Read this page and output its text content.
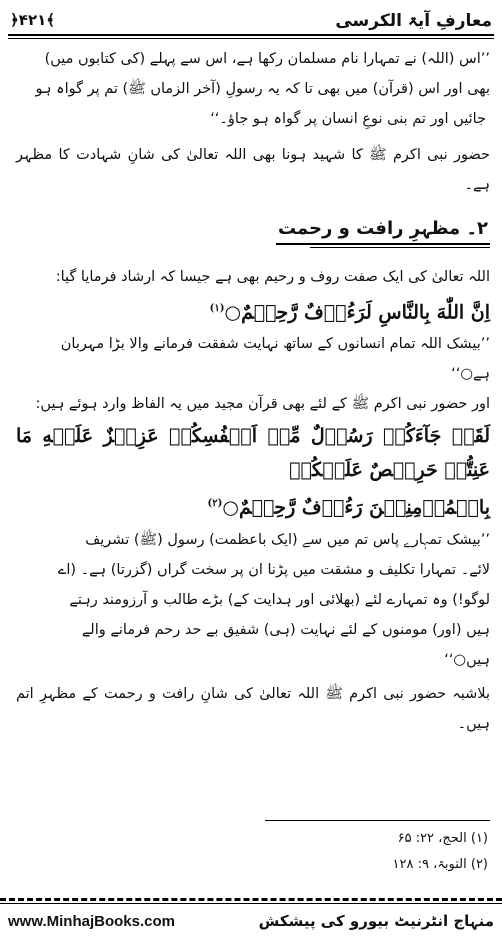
﴾۴۲۱﴿	معارفِ آیۃ الکرسی

’’اس (اللہ) نے تمہارا نام مسلمان رکھا ہے، اس سے پہلے (کی کتابوں میں)

بھی اور اس (قرآن) میں بھی تا کہ یہ رسولِ (آخر الزماں ﷺ) تم پر گواہ ہو

جائیں اور تم بنی نوعِ انسان پر گواہ ہو جاؤ۔‘‘

حضور نبی اکرم ﷺ کا شہید ہونا بھی اللہ تعالیٰ کی شانِ شہادت کا مظہر ہے۔

۲۔ مظہرِ رافت و رحمت

اللہ تعالیٰ کی ایک صفت روف و رحیم بھی ہے جیسا کہ ارشاد فرمایا گیا:

اِنَّ اللّٰهَ بِالنَّاسِ لَرَءُوۡفٌ رَّحِیۡمٌ○$^{(۱)}$

’’بیشک اللہ تمام انسانوں کے ساتھ نہایت شفقت فرمانے والا بڑا مہربان

ہے○‘‘

اور حضور نبی اکرم ﷺ کے لئے بھی قرآن مجید میں یہ الفاظ وارد ہوئے ہیں:

لَقَدۡ جَآءَکُمۡ رَسُوۡلٌ مِّنۡ اَنۡفُسِکُمۡ عَزِیۡزٌ عَلَیۡهِ مَا عَنِتُّمۡ حَرِیۡصٌ عَلَیۡکُمۡ

بِالۡمُؤۡمِنِیۡنَ رَءُوۡفٌ رَّحِیۡمٌ○$^{(۲)}$

’’بیشک تمہارے پاس تم میں سے (ایک باعظمت) رسول (ﷺ) تشریف

لائے۔ تمہارا تکلیف و مشقت میں پڑنا ان پر سخت گراں (گزرتا) ہے۔ (اے

لوگو!) وہ تمہارے لئے (بھلائی اور ہدایت کے) بڑے طالب و آرزومند رہتے

ہیں (اور) مومنوں کے لئے نہایت (ہی) شفیق بے حد رحم فرمانے والے

ہیں○‘‘

بلاشبہ حضور نبی اکرم ﷺ اللہ تعالیٰ کی شانِ رافت و رحمت کے مظہرِ اتم ہیں۔

(۱) الحج، ۲۲: ۶۵
(۲) التوبۃ، ۹: ۱۲۸
www.MinhajBooks.com	منہاج انٹرنیٹ بیورو کی پیشکش
